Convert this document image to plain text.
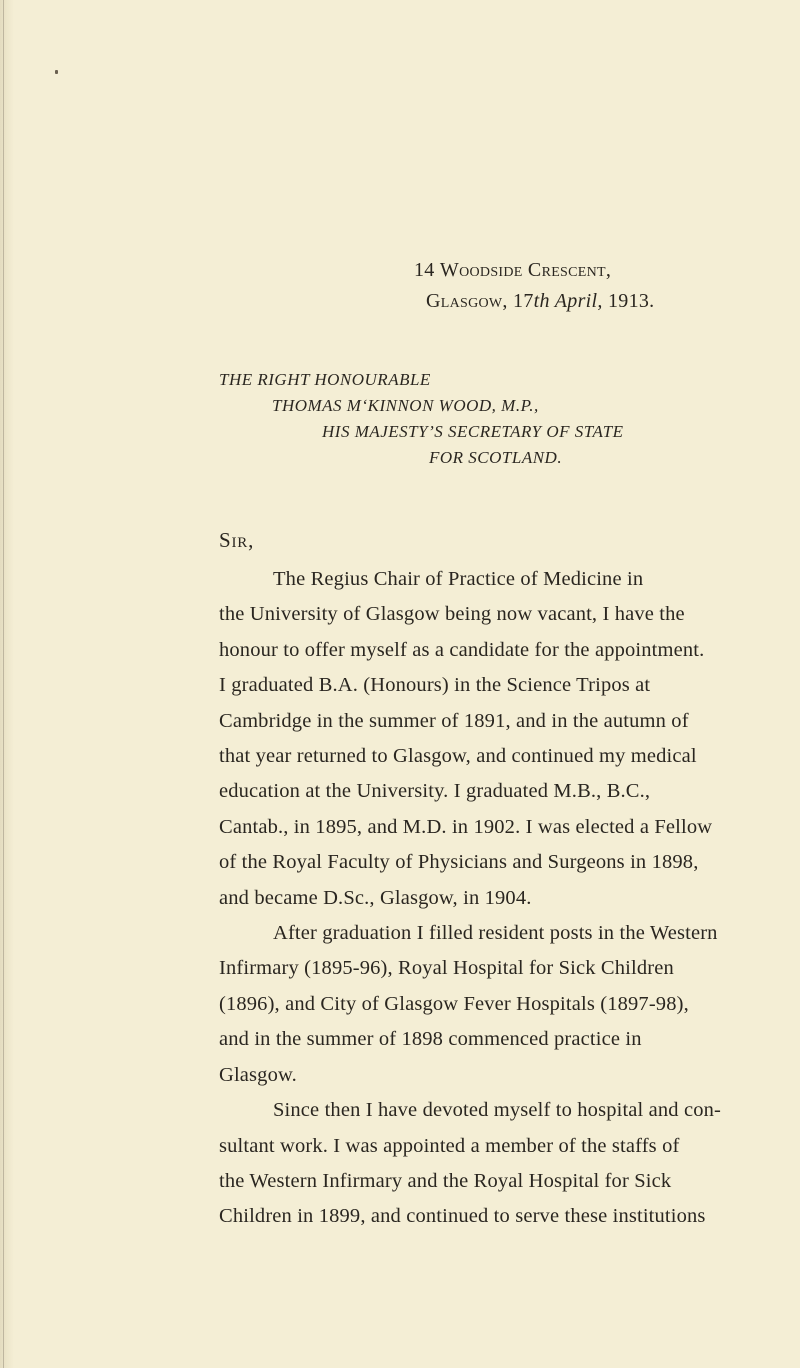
14 Woodside Crescent,
Glasgow, 17th April, 1913.
THE RIGHT HONOURABLE
THOMAS M‘KINNON WOOD, M.P.,
HIS MAJESTY’S SECRETARY OF STATE
FOR SCOTLAND.
Sir,
The Regius Chair of Practice of Medicine in
the University of Glasgow being now vacant, I have the
honour to offer myself as a candidate for the appointment.
I graduated B.A. (Honours) in the Science Tripos at
Cambridge in the summer of 1891, and in the autumn of
that year returned to Glasgow, and continued my medical
education at the University. I graduated M.B., B.C.,
Cantab., in 1895, and M.D. in 1902. I was elected a Fellow
of the Royal Faculty of Physicians and Surgeons in 1898,
and became D.Sc., Glasgow, in 1904.
After graduation I filled resident posts in the Western
Infirmary (1895-96), Royal Hospital for Sick Children
(1896), and City of Glasgow Fever Hospitals (1897-98),
and in the summer of 1898 commenced practice in
Glasgow.
Since then I have devoted myself to hospital and con-
sultant work. I was appointed a member of the staffs of
the Western Infirmary and the Royal Hospital for Sick
Children in 1899, and continued to serve these institutions
